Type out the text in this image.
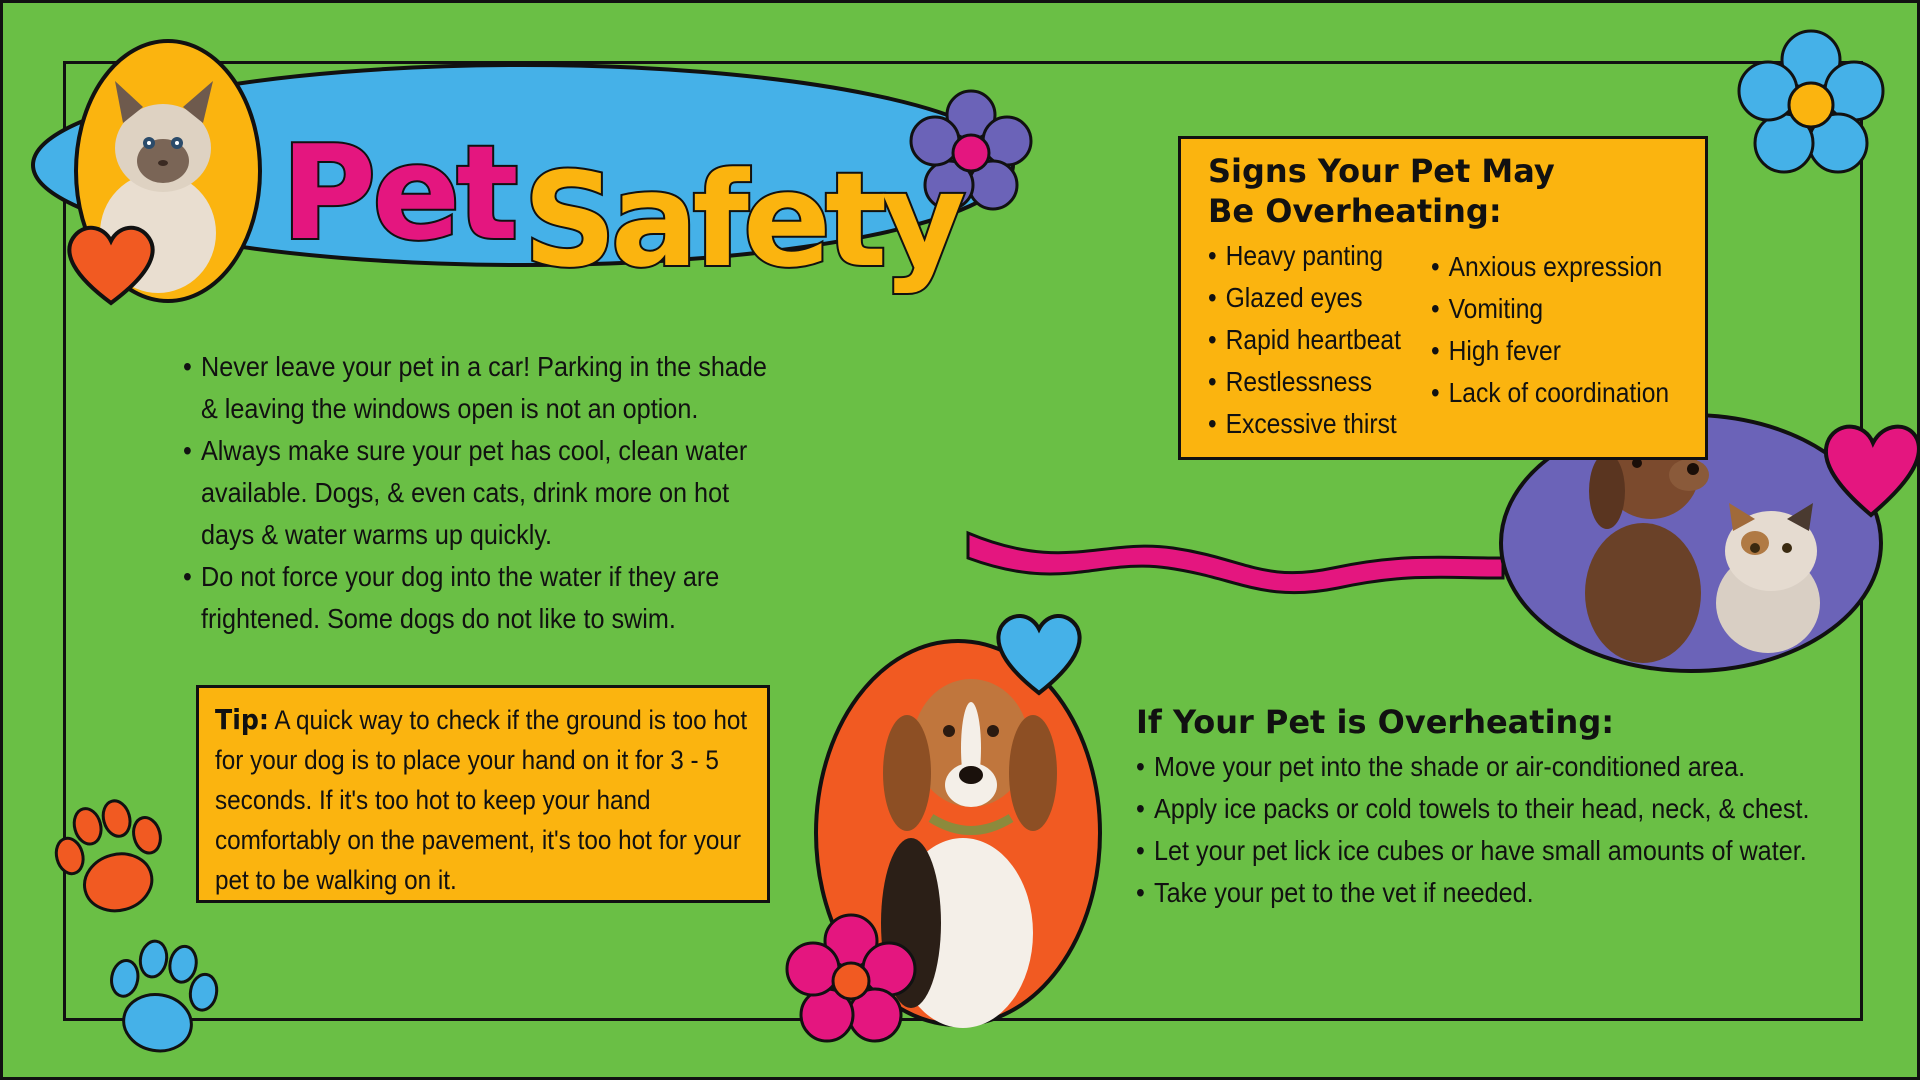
Pet Safety
• Never leave your pet in a car! Parking in the shade & leaving the windows open is not an option.
• Always make sure your pet has cool, clean water available. Dogs, & even cats, drink more on hot days & water warms up quickly.
• Do not force your dog into the water if they are frightened. Some dogs do not like to swim.

Tip: A quick way to check if the ground is too hot for your dog is to place your hand on it for 3 - 5 seconds. If it's too hot to keep your hand comfortably on the pavement, it's too hot for your pet to be walking on it.

Signs Your Pet May Be Overheating:
• Heavy panting
• Glazed eyes
• Rapid heartbeat
• Restlessness
• Excessive thirst
• Anxious expression
• Vomiting
• High fever
• Lack of coordination
If Your Pet is Overheating:
• Move your pet into the shade or air-conditioned area.
• Apply ice packs or cold towels to their head, neck, & chest.
• Let your pet lick ice cubes or have small amounts of water.
• Take your pet to the vet if needed.
